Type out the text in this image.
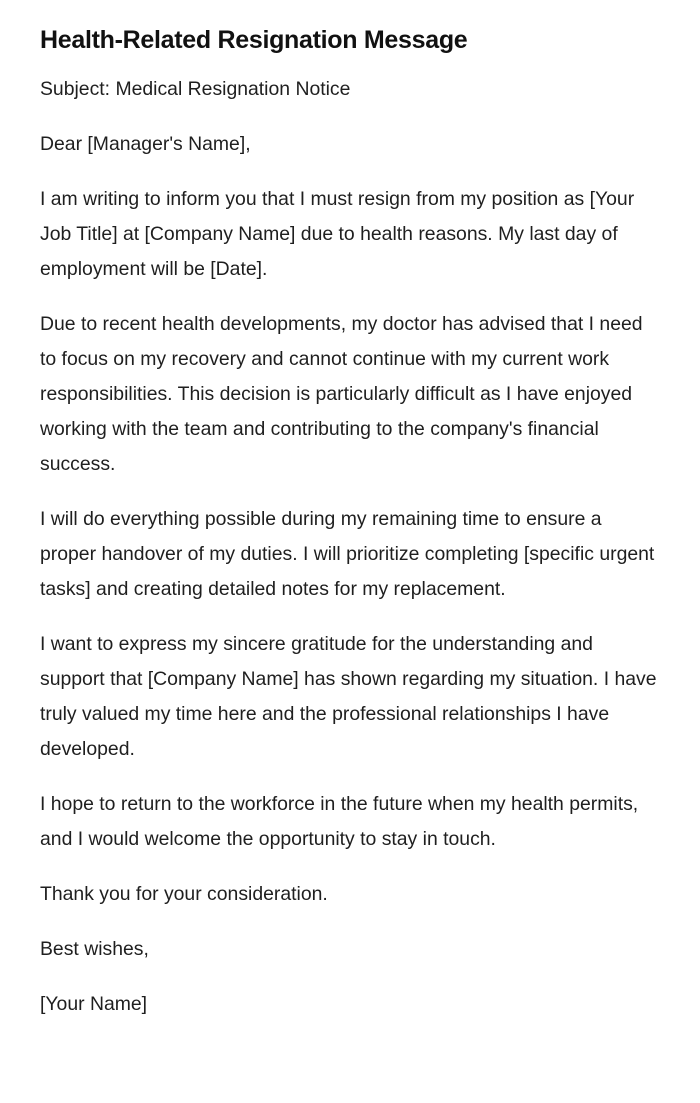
Health-Related Resignation Message

Subject: Medical Resignation Notice

Dear [Manager's Name],

I am writing to inform you that I must resign from my position as [Your Job Title] at [Company Name] due to health reasons. My last day of employment will be [Date].

Due to recent health developments, my doctor has advised that I need to focus on my recovery and cannot continue with my current work responsibilities. This decision is particularly difficult as I have enjoyed working with the team and contributing to the company's financial success.

I will do everything possible during my remaining time to ensure a proper handover of my duties. I will prioritize completing [specific urgent tasks] and creating detailed notes for my replacement.

I want to express my sincere gratitude for the understanding and support that [Company Name] has shown regarding my situation. I have truly valued my time here and the professional relationships I have developed.

I hope to return to the workforce in the future when my health permits, and I would welcome the opportunity to stay in touch.

Thank you for your consideration.

Best wishes,

[Your Name]
